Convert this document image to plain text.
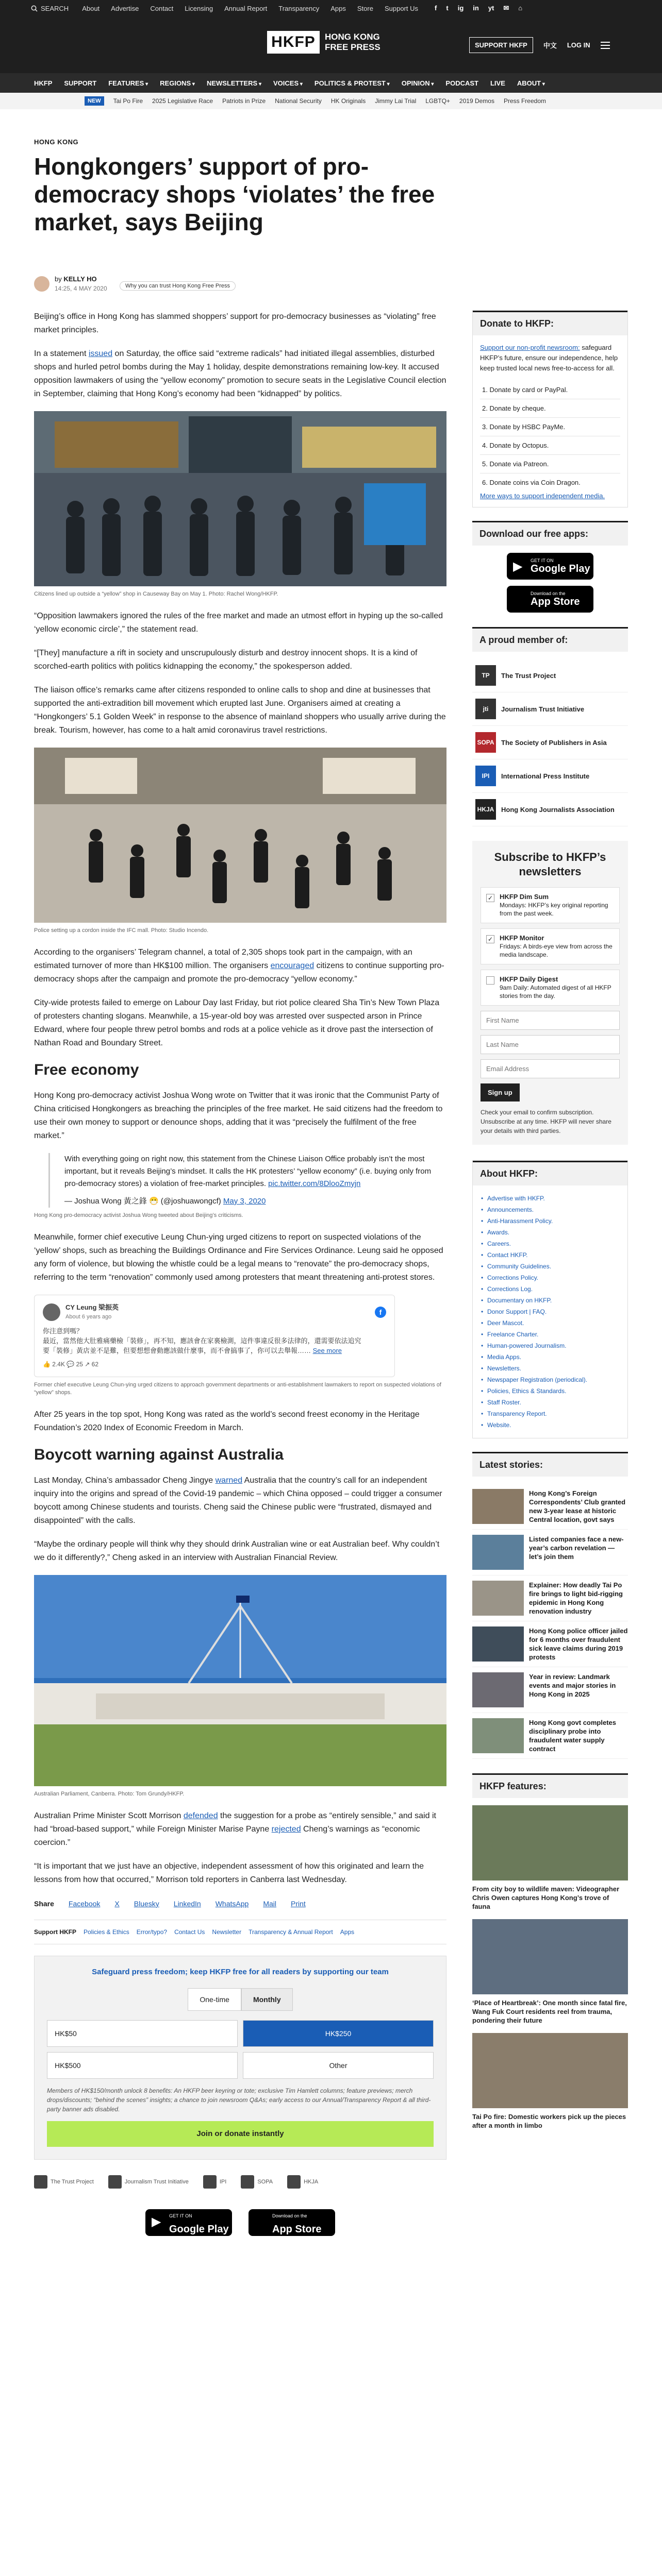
SEARCH About Advertise Contact Licensing Annual Report Transparency Apps Store Support Us f t ig in yt ✉ ⌂
HKFP	HONG KONG
FREE PRESS	SUPPORT HKFP	中文 LOG IN
HKFP SUPPORT FEATURES ▾	REGIONS ▾	NEWSLETTERS ▾	VOICES ▾	POLITICS & PROTEST ▾	OPINION ▾	PODCAST LIVE ABOUT ▾
NEW	Tai Po Fire 2025 Legislative Race Patriots in Prize National Security HK Originals Jimmy Lai Trial LGBTQ+ 2019 Demos Press Freedom
HONG KONG
Hongkongers’ support of pro-democracy shops ‘violates’ the free market, says Beijing
by KELLY HO
14:25, 4 MAY 2020	Why you can trust Hong Kong Free Press

Beijing’s office in Hong Kong has slammed shoppers’ support for pro-democracy businesses as “violating” free market principles.

In a statement issued on Saturday, the office said “extreme radicals” had initiated illegal assemblies, disturbed shops and hurled petrol bombs during the May 1 holiday, despite demonstrations remaining low-key. It accused opposition lawmakers of using the “yellow economy” promotion to secure seats in the Legislative Council election in September, claiming that Hong Kong’s economy had been “kidnapped” by politics.

Citizens lined up outside a “yellow” shop in Causeway Bay on May 1. Photo: Rachel Wong/HKFP.

“Opposition lawmakers ignored the rules of the free market and made an utmost effort in hyping up the so-called ‘yellow economic circle’,” the statement read.

“[They] manufacture a rift in society and unscrupulously disturb and destroy innocent shops. It is a kind of scorched-earth politics with politics kidnapping the economy,” the spokesperson added.

The liaison office’s remarks came after citizens responded to online calls to shop and dine at businesses that supported the anti-extradition bill movement which erupted last June. Organisers aimed at creating a “Hongkongers’ 5.1 Golden Week” in response to the absence of mainland shoppers who usually arrive during the break. Tourism, however, has come to a halt amid coronavirus travel restrictions.

Police setting up a cordon inside the IFC mall. Photo: Studio Incendo.

According to the organisers’ Telegram channel, a total of 2,305 shops took part in the campaign, with an estimated turnover of more than HK$100 million. The organisers encouraged citizens to continue supporting pro-democracy shops after the campaign and promote the pro-democracy “yellow economy.”

City-wide protests failed to emerge on Labour Day last Friday, but riot police cleared Sha Tin’s New Town Plaza of protesters chanting slogans. Meanwhile, a 15-year-old boy was arrested over suspected arson in Prince Edward, where four people threw petrol bombs and rods at a police vehicle as it drove past the intersection of Nathan Road and Boundary Street.

Free economy

Hong Kong pro-democracy activist Joshua Wong wrote on Twitter that it was ironic that the Communist Party of China criticised Hongkongers as breaching the principles of the free market. He said citizens had the freedom to use their own money to support or denounce shops, adding that it was “precisely the fulfilment of the free market.”

With everything going on right now, this statement from the Chinese Liaison Office probably isn’t the most important, but it reveals Beijing’s mindset. It calls the HK protesters’ “yellow economy” (i.e. buying only from pro-democracy stores) a violation of free-market principles. pic.twitter.com/8DlooZmyjn
— Joshua Wong 黃之鋒 😷 (@joshuawongcf) May 3, 2020
Hong Kong pro-democracy activist Joshua Wong tweeted about Beijing’s criticisms.

Meanwhile, former chief executive Leung Chun-ying urged citizens to report on suspected violations of the ‘yellow’ shops, such as breaching the Buildings Ordinance and Fire Services Ordinance. Leung said he opposed any form of violence, but blowing the whistle could be a legal means to “renovate” the pro-democracy shops, referring to the term “renovation” commonly used among protesters that meant threatening anti-protest stores.

CY Leung 梁振英
About 6 years ago
f
你注意到嗎？
最近，當然他大肚雅痛藥檢「裝修」，再不知，應該會在家裏檢測，這件事違反很多法律的，還需要依法追究
要「裝修」黃店並不是難，但要想想會動應該做什麼事，而不會搞事了，你可以去舉報…… See more
👍 2.4K 💬 25 ↗ 62
Former chief executive Leung Chun-ying urged citizens to approach government departments or anti-establishment lawmakers to report on suspected violations of “yellow” shops.

After 25 years in the top spot, Hong Kong was rated as the world’s second freest economy in the Heritage Foundation’s 2020 Index of Economic Freedom in March.

Boycott warning against Australia

Last Monday, China’s ambassador Cheng Jingye warned Australia that the country’s call for an independent inquiry into the origins and spread of the Covid-19 pandemic – which China opposed – could trigger a consumer boycott among Chinese students and tourists. Cheng said the Chinese public were “frustrated, dismayed and disappointed” with the calls.

“Maybe the ordinary people will think why they should drink Australian wine or eat Australian beef. Why couldn’t we do it differently?,” Cheng asked in an interview with Australian Financial Review.

Australian Parliament, Canberra. Photo: Tom Grundy/HKFP.

Australian Prime Minister Scott Morrison defended the suggestion for a probe as “entirely sensible,” and said it had “broad-based support,” while Foreign Minister Marise Payne rejected Cheng’s warnings as “economic coercion.”

“It is important that we just have an objective, independent assessment of how this originated and learn the lessons from how that occurred,” Morrison told reporters in Canberra last Wednesday.

Share Facebook X Bluesky LinkedIn WhatsApp Mail Print
Support HKFP Policies & Ethics Error/typo? Contact Us Newsletter Transparency & Annual Report Apps
Safeguard press freedom; keep HKFP free for all readers by supporting our team
One-time	Monthly
HK$50	HK$250
HK$500	Other
Members of HK$150/month unlock 8 benefits: An HKFP beer keyring or tote; exclusive Tim Hamlett columns; feature previews; merch drops/discounts; “behind the scenes” insights; a chance to join newsroom Q&As; early access to our Annual/Transparency Report & all third-party banner ads disabled.
Join or donate instantly
The Trust Project	Journalism Trust Initiative	IPI	SOPA	HKJA
▶ GET IT ON
Google Play
Download on the
App Store
Donate to HKFP:
Support our non-profit newsroom: safeguard HKFP’s future, ensure our independence, help keep trusted local news free-to-access for all.
1. Donate by card or PayPal.
2. Donate by cheque.
3. Donate by HSBC PayMe.
4. Donate by Octopus.
5. Donate via Patreon.
6. Donate coins via Coin Dragon.
More ways to support independent media.
Download our free apps:
▶ GET IT ON
Google Play
Download on the
App Store
A proud member of:
TP	The Trust Project
jti	Journalism Trust Initiative
SOPA The Society of Publishers in Asia
IPI	International Press Institute
HKJA Hong Kong Journalists Association
Subscribe to HKFP’s newsletters
✓ HKFP Dim Sum
Mondays: HKFP’s key original reporting from the past week.
✓ HKFP Monitor
Fridays: A birds-eye view from across the media landscape.
HKFP Daily Digest
9am Daily: Automated digest of all HKFP stories from the day.
First Name Last Name Email Address Sign up
Check your email to confirm subscription. Unsubscribe at any time. HKFP will never share your details with third parties.
About HKFP:
• Advertise with HKFP.
• Announcements.
• Anti-Harassment Policy.
• Awards.
• Careers.
• Contact HKFP.
• Community Guidelines.
• Corrections Policy.
• Corrections Log.
• Documentary on HKFP.
• Donor Support | FAQ.
• Deer Mascot.
• Freelance Charter.
• Human-powered Journalism.
• Media Apps.
• Newsletters.
• Newspaper Registration (periodical).
• Policies, Ethics & Standards.
• Staff Roster.
• Transparency Report.
• Website.
Latest stories:
Hong Kong’s Foreign Correspondents’ Club granted new 3-year lease at historic Central location, govt says
Listed companies face a new-year’s carbon revelation — let’s join them
Explainer: How deadly Tai Po fire brings to light bid-rigging epidemic in Hong Kong renovation industry
Hong Kong police officer jailed for 6 months over fraudulent sick leave claims during 2019 protests
Year in review: Landmark events and major stories in Hong Kong in 2025
Hong Kong govt completes disciplinary probe into fraudulent water supply contract
HKFP features:
From city boy to wildlife maven: Videographer Chris Owen captures Hong Kong’s trove of fauna
‘Place of Heartbreak’: One month since fatal fire, Wang Fuk Court residents reel from trauma, pondering their future
Tai Po fire: Domestic workers pick up the pieces after a month in limbo
